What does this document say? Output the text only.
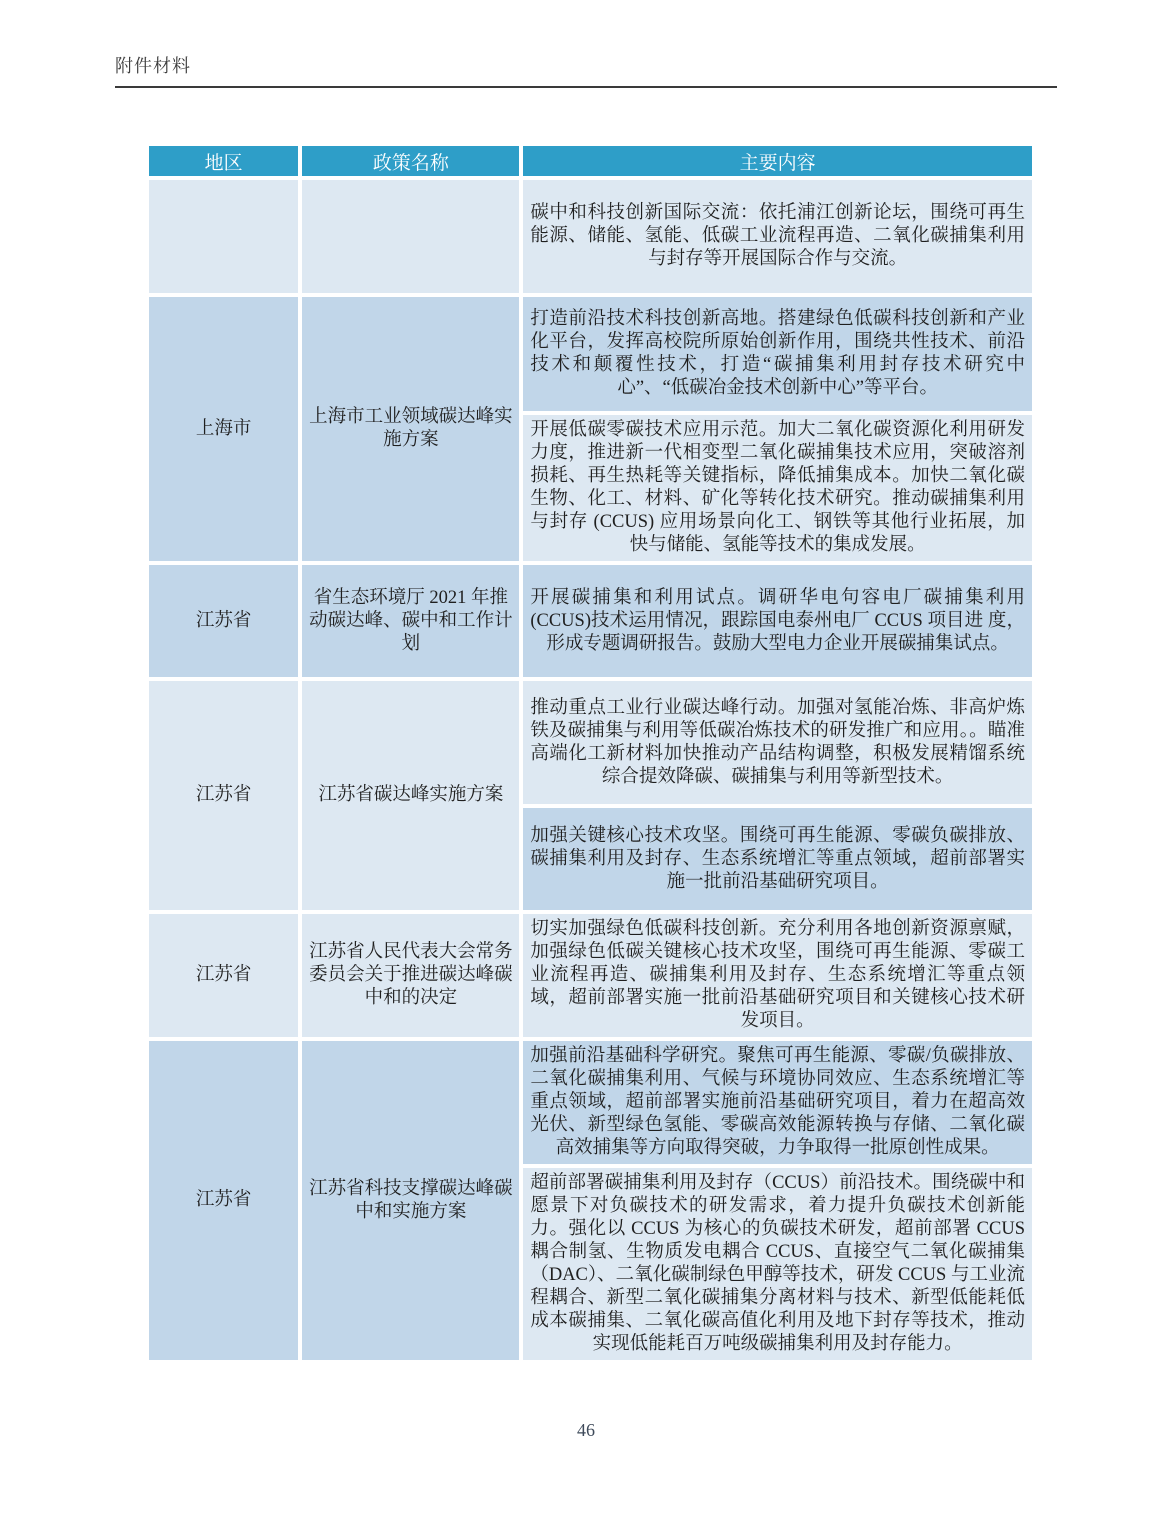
附件材料
地区	政策名称	主要内容
		碳中和科技创新国际交流：依托浦江创新论坛，围绕可再生能源、储能、氢能、低碳工业流程再造、二氧化碳捕集利用与封存等开展国际合作与交流。
上海市	上海市工业领域碳达峰实施方案	打造前沿技术科技创新高地。搭建绿色低碳科技创新和产业化平台，发挥高校院所原始创新作用，围绕共性技术、前沿技术和颠覆性技术，打造“碳捕集利用封存技术研究中心”、“低碳冶金技术创新中心”等平台。
		开展低碳零碳技术应用示范。加大二氧化碳资源化利用研发力度，推进新一代相变型二氧化碳捕集技术应用，突破溶剂损耗、再生热耗等关键指标，降低捕集成本。加快二氧化碳生物、化工、材料、矿化等转化技术研究。推动碳捕集利用与封存 (CCUS) 应用场景向化工、钢铁等其他行业拓展，加快与储能、氢能等技术的集成发展。
江苏省	省生态环境厅 2021 年推动碳达峰、碳中和工作计划	开展碳捕集和利用试点。调研华电句容电厂碳捕集利用(CCUS)技术运用情况，跟踪国电泰州电厂 CCUS 项目进 度，形成专题调研报告。鼓励大型电力企业开展碳捕集试点。
江苏省	江苏省碳达峰实施方案	推动重点工业行业碳达峰行动。加强对氢能冶炼、非高炉炼铁及碳捕集与利用等低碳冶炼技术的研发推广和应用。。瞄准高端化工新材料加快推动产品结构调整，积极发展精馏系统综合提效降碳、碳捕集与利用等新型技术。
		加强关键核心技术攻坚。围绕可再生能源、零碳负碳排放、碳捕集利用及封存、生态系统增汇等重点领域，超前部署实施一批前沿基础研究项目。
江苏省	江苏省人民代表大会常务委员会关于推进碳达峰碳中和的决定	切实加强绿色低碳科技创新。充分利用各地创新资源禀赋，加强绿色低碳关键核心技术攻坚，围绕可再生能源、零碳工业流程再造、碳捕集利用及封存、生态系统增汇等重点领域，超前部署实施一批前沿基础研究项目和关键核心技术研发项目。
江苏省	江苏省科技支撑碳达峰碳中和实施方案	加强前沿基础科学研究。聚焦可再生能源、零碳/负碳排放、二氧化碳捕集利用、气候与环境协同效应、生态系统增汇等重点领域，超前部署实施前沿基础研究项目，着力在超高效光伏、新型绿色氢能、零碳高效能源转换与存储、二氧化碳高效捕集等方向取得突破，力争取得一批原创性成果。
		超前部署碳捕集利用及封存（CCUS）前沿技术。围绕碳中和愿景下对负碳技术的研发需求，着力提升负碳技术创新能力。强化以 CCUS 为核心的负碳技术研发，超前部署 CCUS 耦合制氢、生物质发电耦合 CCUS、直接空气二氧化碳捕集（DAC）、二氧化碳制绿色甲醇等技术，研发 CCUS 与工业流程耦合、新型二氧化碳捕集分离材料与技术、新型低能耗低成本碳捕集、二氧化碳高值化利用及地下封存等技术，推动实现低能耗百万吨级碳捕集利用及封存能力。
46
